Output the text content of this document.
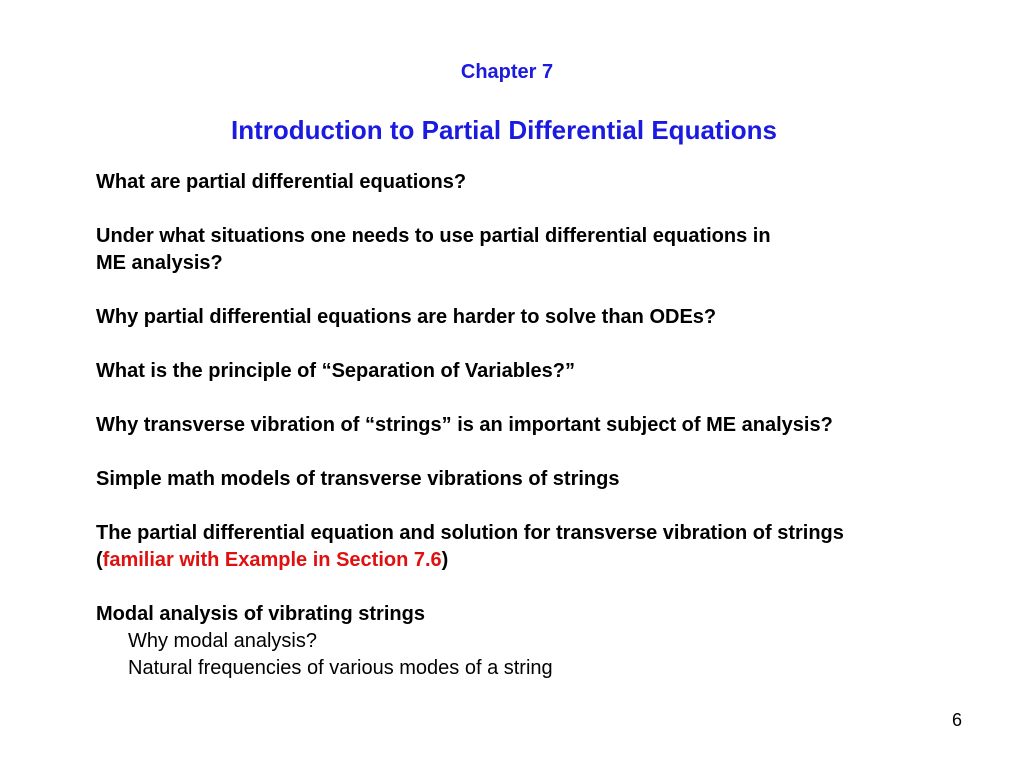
Chapter 7
Introduction to Partial Differential Equations
What are partial differential equations?
Under what situations one needs to use partial differential equations in
ME analysis?
Why partial differential equations are harder to solve than ODEs?
What is the principle of “Separation of Variables?”
Why transverse vibration of “strings” is an important subject of ME analysis?
Simple math models of transverse vibrations of strings
The partial differential equation and solution for transverse vibration of strings
(familiar with Example in Section 7.6)
Modal analysis of vibrating strings
Why modal analysis?
Natural frequencies of various modes of a string
6
